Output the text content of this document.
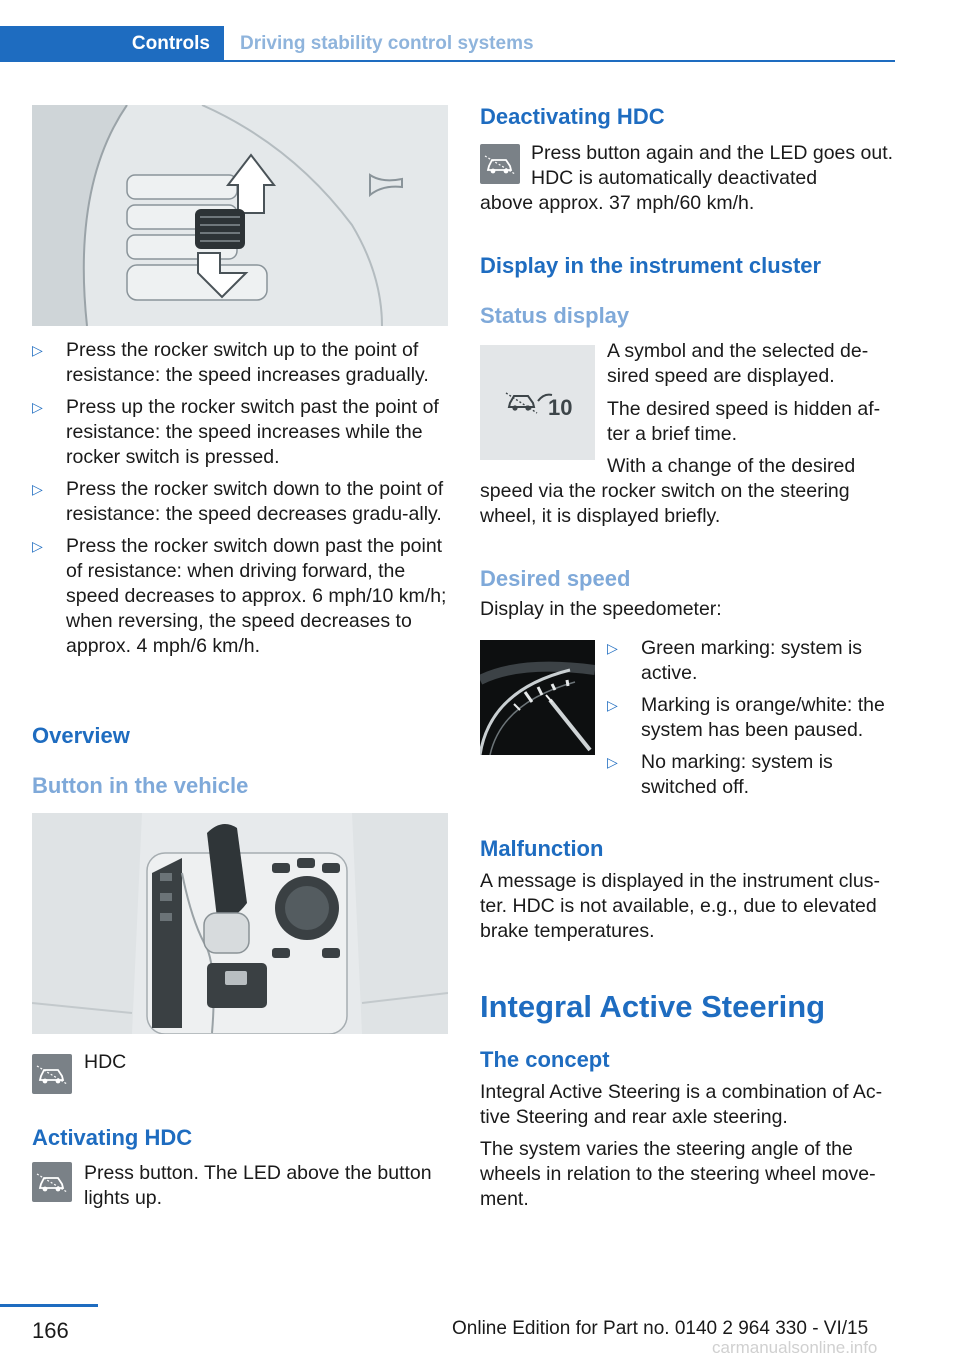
Controls	Driving stability control systems
▷ Press the rocker switch up to the point of resistance: the speed increases gradually.
▷ Press up the rocker switch past the point of resistance: the speed increases while the rocker switch is pressed.
▷ Press the rocker switch down to the point of resistance: the speed decreases gradu‐ally.
▷ Press the rocker switch down past the point of resistance: when driving forward, the speed decreases to approx. 6 mph/10 km/h; when reversing, the speed decreases to approx. 4 mph/6 km/h.
Overview
Button in the vehicle
HDC
Activating HDC
Press button. The LED above the button lights up.
Deactivating HDC
Press button again and the LED goes out. HDC is automatically deactivated
above approx. 37 mph/60 km/h.
Display in the instrument cluster
Status display
10
A symbol and the selected de‐sired speed are displayed.
The desired speed is hidden af‐ter a brief time.
With a change of the desired
speed via the rocker switch on the steering wheel, it is displayed briefly.
Desired speed
Display in the speedometer:
▷ Green marking: system is active.
▷ Marking is orange/white: the system has been paused.
▷ No marking: system is switched off.
Malfunction
A message is displayed in the instrument clus‐ter. HDC is not available, e.g., due to elevated brake temperatures.
Integral Active Steering
The concept
Integral Active Steering is a combination of Ac‐tive Steering and rear axle steering.
The system varies the steering angle of the wheels in relation to the steering wheel move‐ment.
166	Online Edition for Part no. 0140 2 964 330 - VI/15
carmanualsonline.info
